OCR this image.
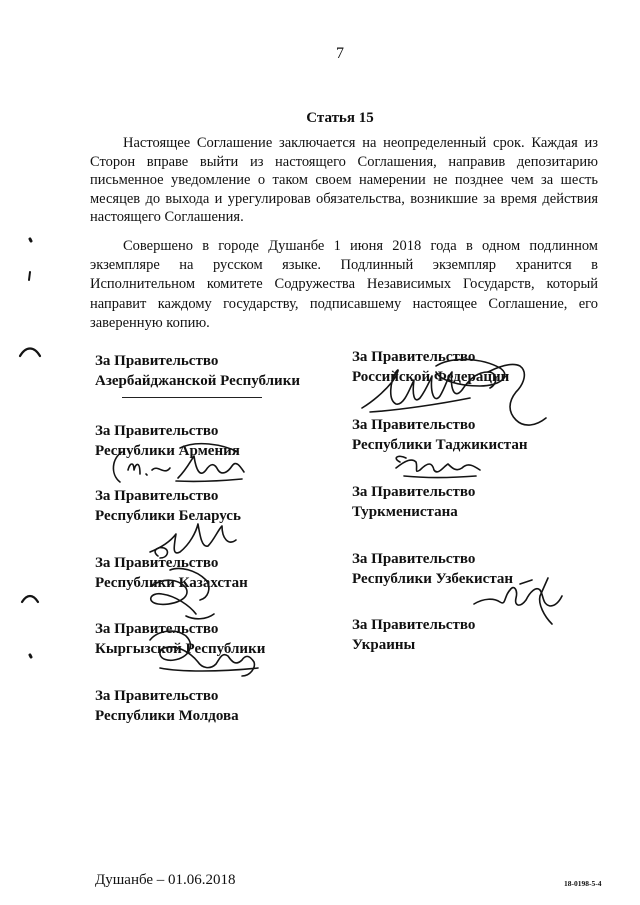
7
Статья 15
Настоящее Соглашение заключается на неопределенный срок. Каждая из
Сторон вправе выйти из настоящего Соглашения, направив депозитарию
письменное уведомление о таком своем намерении не позднее чем за шесть
месяцев до выхода и урегулировав обязательства, возникшие за время действия
настоящего Соглашения.
Совершено в городе Душанбе 1 июня 2018 года в одном подлинном
экземпляре на русском языке. Подлинный экземпляр хранится в
Исполнительном комитете Содружества Независимых Государств, который
направит каждому государству, подписавшему настоящее Соглашение, его
заверенную копию.
За Правительство
Азербайджанской Республики
За Правительство
Республики Армения
За Правительство
Республики Беларусь
За Правительство
Республики Казахстан
За Правительство
Кыргызской Республики
За Правительство
Республики Молдова
За Правительство
Российской Федерации
За Правительство
Республики Таджикистан
За Правительство
Туркменистана
За Правительство
Республики Узбекистан
За Правительство
Украины
Душанбе – 01.06.2018	18-0198-5-4
